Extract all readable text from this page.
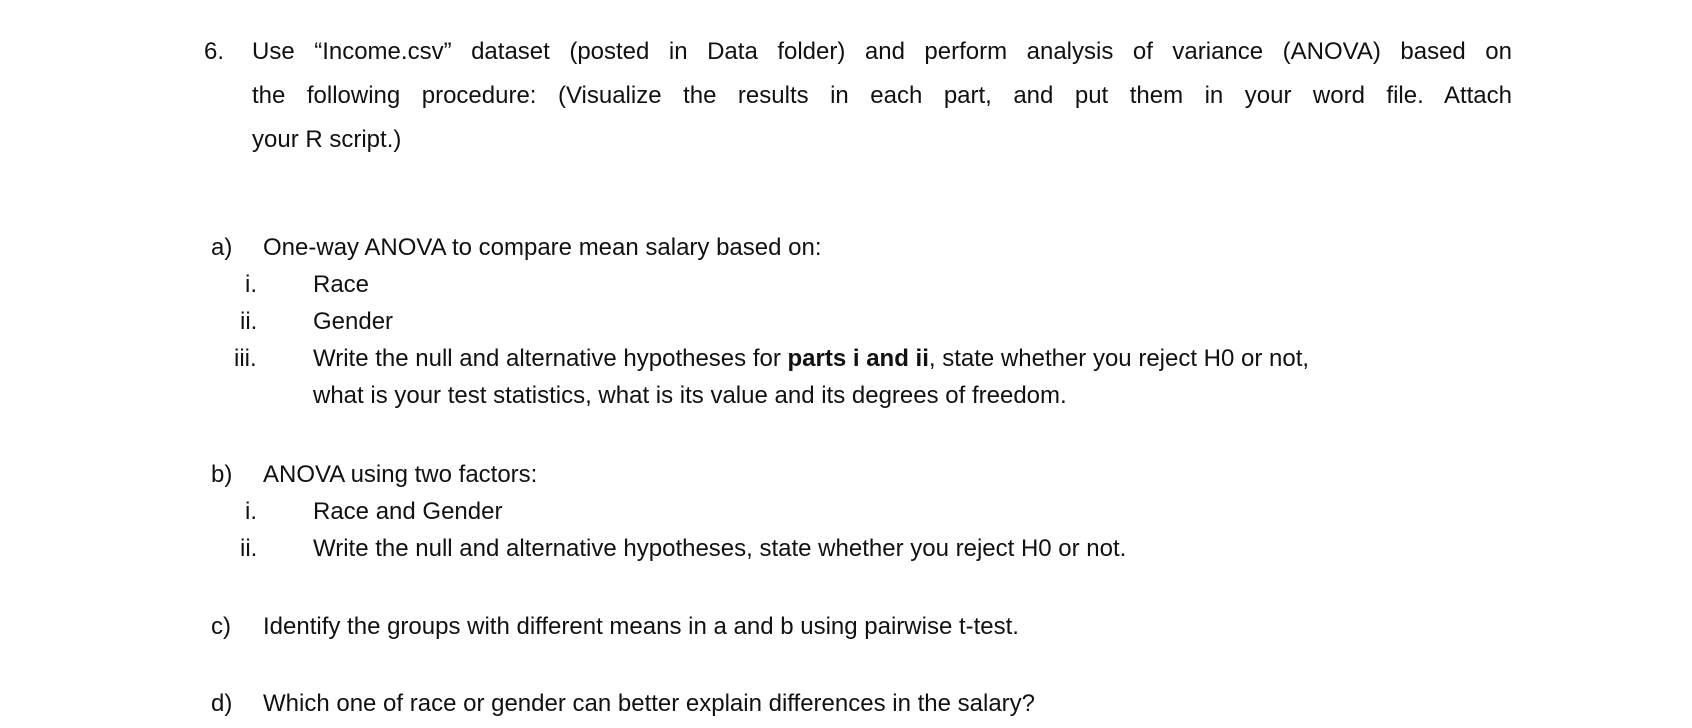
6. Use “Income.csv” dataset (posted in Data folder) and perform analysis of variance (ANOVA) based on
the following procedure: (Visualize the results in each part, and put them in your word file. Attach
your R script.)
a) One-way ANOVA to compare mean salary based on:
i. Race
ii. Gender
iii. Write the null and alternative hypotheses for parts i and ii, state whether you reject H0 or not,
what is your test statistics, what is its value and its degrees of freedom.
b) ANOVA using two factors:
i. Race and Gender
ii. Write the null and alternative hypotheses, state whether you reject H0 or not.
c) Identify the groups with different means in a and b using pairwise t-test.
d) Which one of race or gender can better explain differences in the salary?
